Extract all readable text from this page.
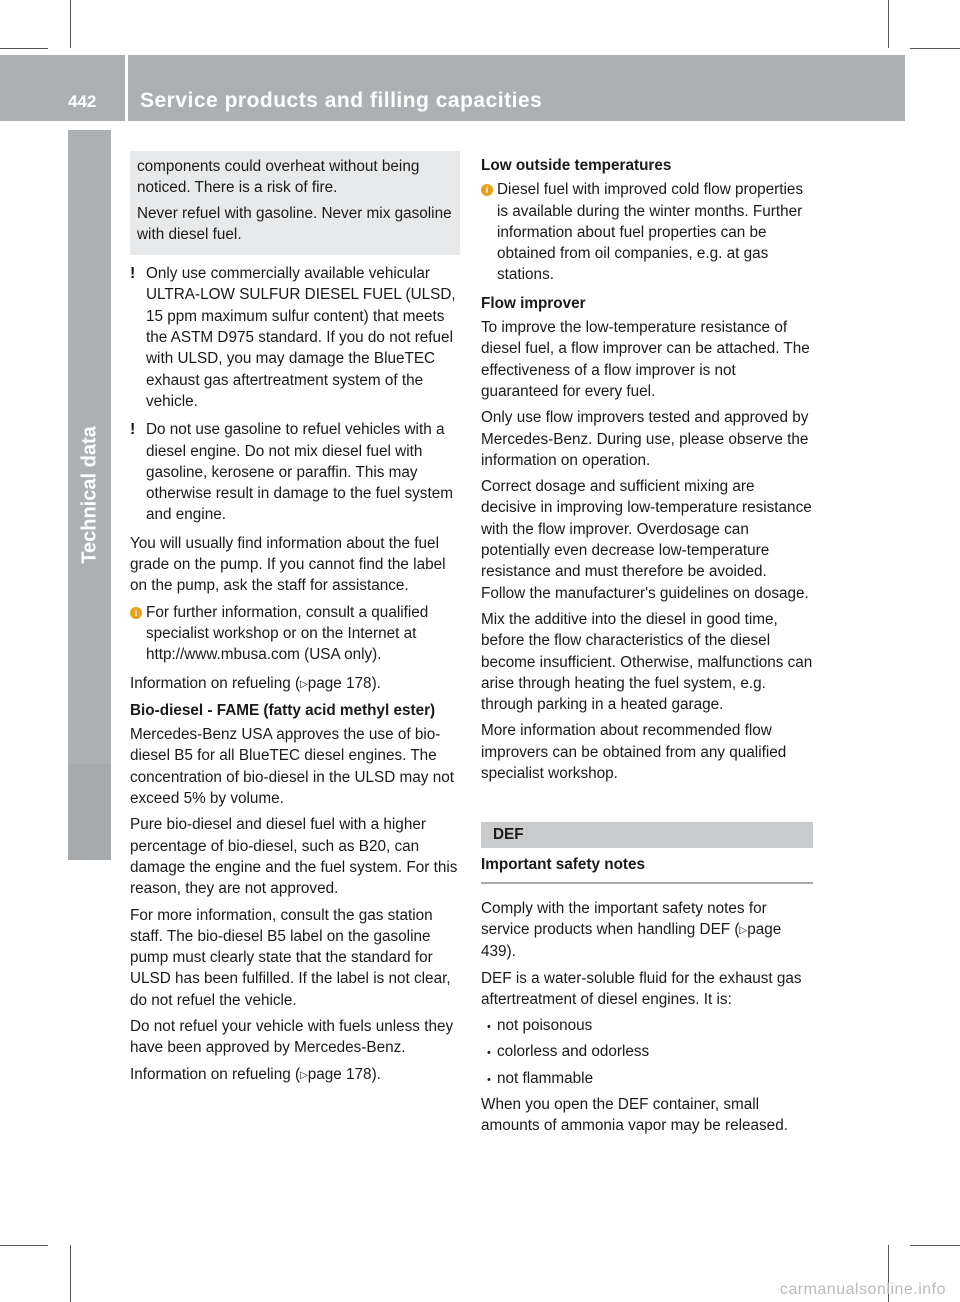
442 Service products and filling capacities
Technical data

components could overheat without being noticed. There is a risk of fire.

Never refuel with gasoline. Never mix gasoline with diesel fuel.

! Only use commercially available vehicular ULTRA-LOW SULFUR DIESEL FUEL (ULSD, 15 ppm maximum sulfur content) that meets the ASTM D975 standard. If you do not refuel with ULSD, you may damage the BlueTEC exhaust gas aftertreatment system of the vehicle.

! Do not use gasoline to refuel vehicles with a diesel engine. Do not mix diesel fuel with gasoline, kerosene or paraffin. This may otherwise result in damage to the fuel system and engine.

You will usually find information about the fuel grade on the pump. If you cannot find the label on the pump, ask the staff for assistance.

i For further information, consult a qualified specialist workshop or on the Internet at http://www.mbusa.com (USA only).

Information on refueling (▷page 178).

Bio-diesel - FAME (fatty acid methyl ester)

Mercedes-Benz USA approves the use of bio-diesel B5 for all BlueTEC diesel engines. The concentration of bio-diesel in the ULSD may not exceed 5% by volume.

Pure bio-diesel and diesel fuel with a higher percentage of bio-diesel, such as B20, can damage the engine and the fuel system. For this reason, they are not approved.

For more information, consult the gas station staff. The bio-diesel B5 label on the gasoline pump must clearly state that the standard for ULSD has been fulfilled. If the label is not clear, do not refuel the vehicle.

Do not refuel your vehicle with fuels unless they have been approved by Mercedes-Benz.

Information on refueling (▷page 178).

Low outside temperatures

i Diesel fuel with improved cold flow properties is available during the winter months. Further information about fuel properties can be obtained from oil companies, e.g. at gas stations.

Flow improver

To improve the low-temperature resistance of diesel fuel, a flow improver can be attached. The effectiveness of a flow improver is not guaranteed for every fuel.

Only use flow improvers tested and approved by Mercedes-Benz. During use, please observe the information on operation.

Correct dosage and sufficient mixing are decisive in improving low-temperature resistance with the flow improver. Overdosage can potentially even decrease low-temperature resistance and must therefore be avoided. Follow the manufacturer's guidelines on dosage.

Mix the additive into the diesel in good time, before the flow characteristics of the diesel become insufficient. Otherwise, malfunctions can arise through heating the fuel system, e.g. through parking in a heated garage.

More information about recommended flow improvers can be obtained from any qualified specialist workshop.

DEF
Important safety notes

Comply with the important safety notes for service products when handling DEF (▷page 439).

DEF is a water-soluble fluid for the exhaust gas aftertreatment of diesel engines. It is:

• not poisonous
• colorless and odorless
• not flammable

When you open the DEF container, small amounts of ammonia vapor may be released.

carmanualsonline.info
